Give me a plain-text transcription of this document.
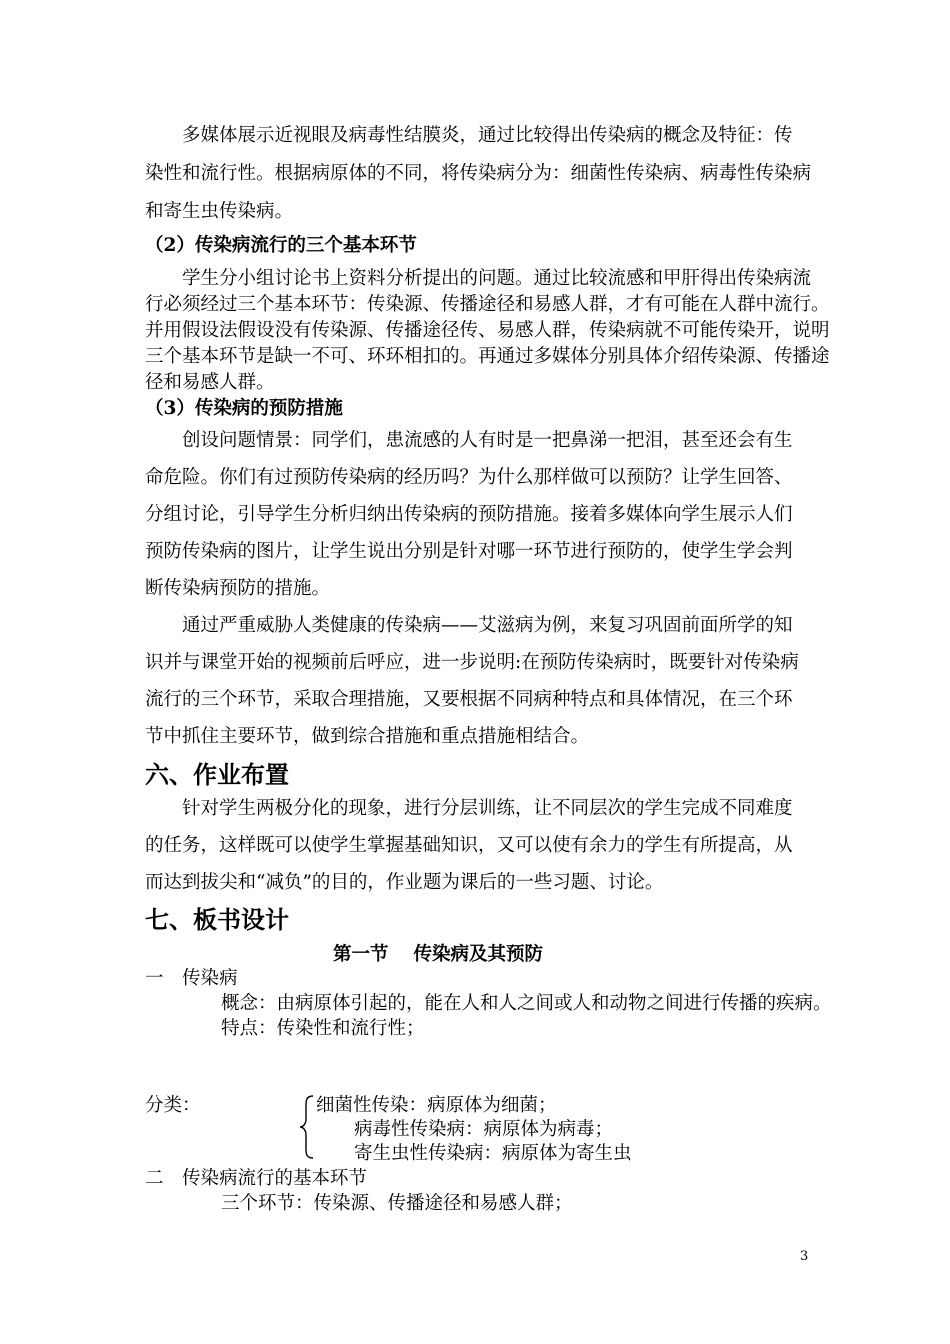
多媒体展示近视眼及病毒性结膜炎，通过比较得出传染病的概念及特征：传
染性和流行性。根据病原体的不同，将传染病分为：细菌性传染病、病毒性传染病
和寄生虫传染病。
（2）传染病流行的三个基本环节
学生分小组讨论书上资料分析提出的问题。通过比较流感和甲肝得出传染病流
行必须经过三个基本环节：传染源、传播途径和易感人群，才有可能在人群中流行。
并用假设法假设没有传染源、传播途径传、易感人群，传染病就不可能传染开，说明
三个基本环节是缺一不可、环环相扣的。再通过多媒体分别具体介绍传染源、传播途
径和易感人群。
（3）传染病的预防措施
创设问题情景：同学们，患流感的人有时是一把鼻涕一把泪，甚至还会有生
命危险。你们有过预防传染病的经历吗？为什么那样做可以预防？让学生回答、
分组讨论，引导学生分析归纳出传染病的预防措施。接着多媒体向学生展示人们
预防传染病的图片，让学生说出分别是针对哪一环节进行预防的，使学生学会判
断传染病预防的措施。
通过严重威胁人类健康的传染病——艾滋病为例，来复习巩固前面所学的知
识并与课堂开始的视频前后呼应，进一步说明:在预防传染病时，既要针对传染病
流行的三个环节，采取合理措施，又要根据不同病种特点和具体情况，在三个环
节中抓住主要环节，做到综合措施和重点措施相结合。
六、作业布置
针对学生两极分化的现象，进行分层训练，让不同层次的学生完成不同难度
的任务，这样既可以使学生掌握基础知识，又可以使有余力的学生有所提高，从
而达到拔尖和“减负”的目的，作业题为课后的一些习题、讨论。
七、板书设计
第一节　 传染病及其预防
一　传染病
概念：由病原体引起的，能在人和人之间或人和动物之间进行传播的疾病。
特点：传染性和流行性；
分类：	细菌性传染：病原体为细菌；
病毒性传染病：病原体为病毒；
寄生虫性传染病：病原体为寄生虫
二　传染病流行的基本环节
三个环节：传染源、传播途径和易感人群；
3
